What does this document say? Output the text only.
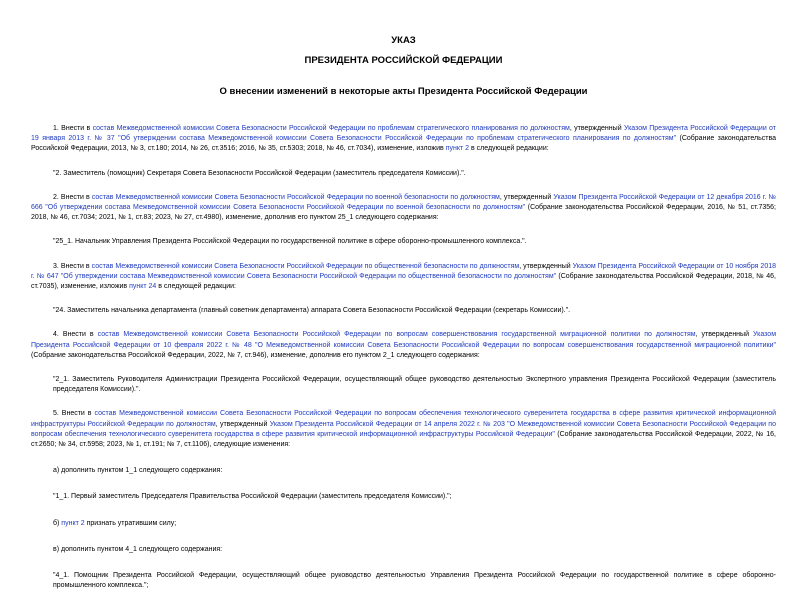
УКАЗ
ПРЕЗИДЕНТА РОССИЙСКОЙ ФЕДЕРАЦИИ
О внесении изменений в некоторые акты Президента Российской Федерации

1. Внести в состав Межведомственной комиссии Совета Безопасности Российской Федерации по проблемам стратегического планирования по должностям, утвержденный Указом Президента Российской Федерации от 19 января 2013 г. № 37 "Об утверждении состава Межведомственной комиссии Совета Безопасности Российской Федерации по проблемам стратегического планирования по должностям" (Собрание законодательства Российской Федерации, 2013, № 3, ст.180; 2014, № 26, ст.3516; 2016, № 35, ст.5303; 2018, № 46, ст.7034), изменение, изложив пункт 2 в следующей редакции:

"2. Заместитель (помощник) Секретаря Совета Безопасности Российской Федерации (заместитель председателя Комиссии).".

2. Внести в состав Межведомственной комиссии Совета Безопасности Российской Федерации по военной безопасности по должностям, утвержденный Указом Президента Российской Федерации от 12 декабря 2016 г. № 666 "Об утверждении состава Межведомственной комиссии Совета Безопасности Российской Федерации по военной безопасности по должностям" (Собрание законодательства Российской Федерации, 2016, № 51, ст.7356; 2018, № 46, ст.7034; 2021, № 1, ст.83; 2023, № 27, ст.4980), изменение, дополнив его пунктом 25_1 следующего содержания:

"25_1. Начальник Управления Президента Российской Федерации по государственной политике в сфере оборонно-промышленного комплекса.".

3. Внести в состав Межведомственной комиссии Совета Безопасности Российской Федерации по общественной безопасности по должностям, утвержденный Указом Президента Российской Федерации от 10 ноября 2018 г. № 647 "Об утверждении состава Межведомственной комиссии Совета Безопасности Российской Федерации по общественной безопасности по должностям" (Собрание законодательства Российской Федерации, 2018, № 46, ст.7035), изменение, изложив пункт 24 в следующей редакции:

"24. Заместитель начальника департамента (главный советник департамента) аппарата Совета Безопасности Российской Федерации (секретарь Комиссии).".

4. Внести в состав Межведомственной комиссии Совета Безопасности Российской Федерации по вопросам совершенствования государственной миграционной политики по должностям, утвержденный Указом Президента Российской Федерации от 10 февраля 2022 г. № 48 "О Межведомственной комиссии Совета Безопасности Российской Федерации по вопросам совершенствования государственной миграционной политики" (Собрание законодательства Российской Федерации, 2022, № 7, ст.946), изменение, дополнив его пунктом 2_1 следующего содержания:

"2_1. Заместитель Руководителя Администрации Президента Российской Федерации, осуществляющий общее руководство деятельностью Экспертного управления Президента Российской Федерации (заместитель председателя Комиссии).".

5. Внести в состав Межведомственной комиссии Совета Безопасности Российской Федерации по вопросам обеспечения технологического суверенитета государства в сфере развития критической информационной инфраструктуры Российской Федерации по должностям, утвержденный Указом Президента Российской Федерации от 14 апреля 2022 г. № 203 "О Межведомственной комиссии Совета Безопасности Российской Федерации по вопросам обеспечения технологического суверенитета государства в сфере развития критической информационной инфраструктуры Российской Федерации" (Собрание законодательства Российской Федерации, 2022, № 16, ст.2650; № 34, ст.5958; 2023, № 1, ст.191; № 7, ст.1106), следующие изменения:

а) дополнить пунктом 1_1 следующего содержания:

"1_1. Первый заместитель Председателя Правительства Российской Федерации (заместитель председателя Комиссии).";

б) пункт 2 признать утратившим силу;

в) дополнить пунктом 4_1 следующего содержания:

"4_1. Помощник Президента Российской Федерации, осуществляющий общее руководство деятельностью Управления Президента Российской Федерации по государственной политике в сфере оборонно-промышленного комплекса.";
